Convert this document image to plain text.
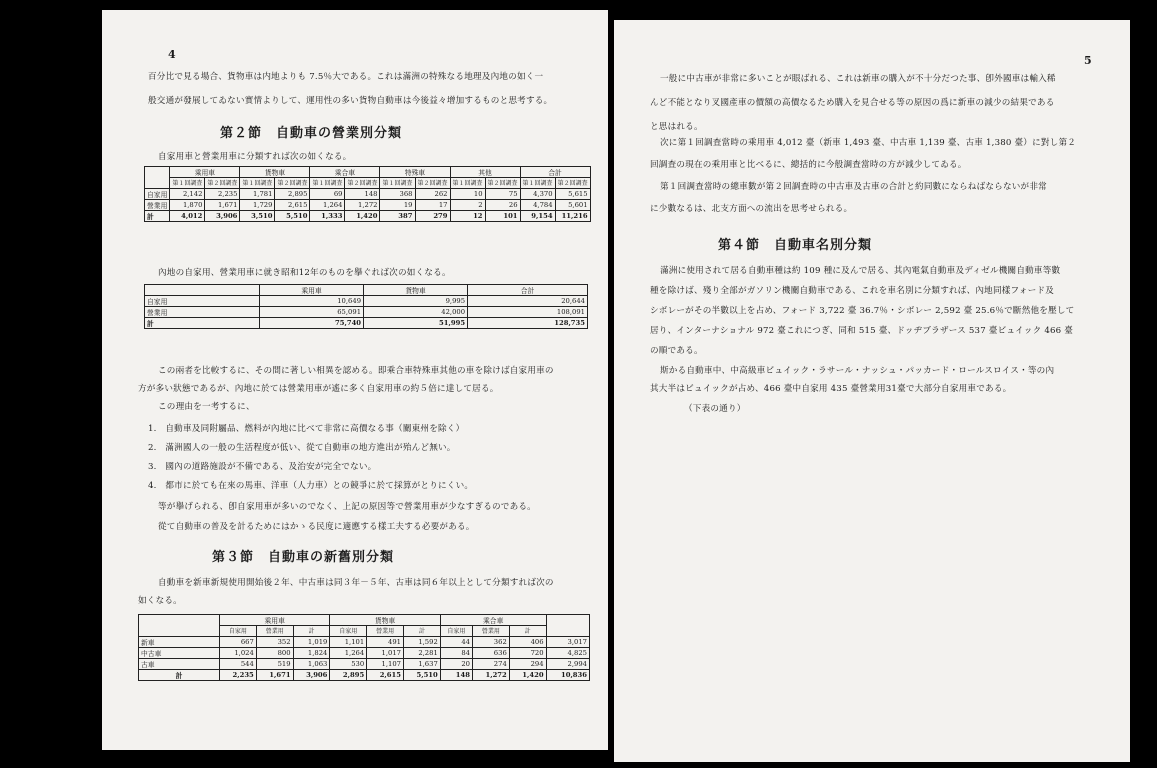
4
百分比で見る場合、貨物車は内地よりも 7.5％大である。これは滿洲の特殊なる地理及內地の如く一
般交通が發展してゐない實情よりして、運用性の多い貨物自動車は今後益々增加するものと思考する。
第２節　自動車の營業別分類
自家用車と營業用車に分類すれば次の如くなる。
	乘用車		貨物車		乘合車		特殊車		其他		合計	
	第１回調査	第２回調査	第１回調査	第２回調査	第１回調査	第２回調査	第１回調査	第２回調査	第１回調査	第２回調査	第１回調査	第２回調査
自家用	2,142	2,235	1,781	2,895	69	148	368	262	10	75	4,370	5,615
營業用	1,870	1,671	1,729	2,615	1,264	1,272	19	17	2	26	4,784	5,601
計	4,012	3,906	3,510	5,510	1,333	1,420	387	279	12	101	9,154	11,216
內地の自家用、營業用車に就き昭和12年のものを擧ぐれば次の如くなる。
	乘用車	貨物車	合計
自家用	10,649	9,995	20,644
營業用	65,091	42,000	108,091
計	75,740	51,995	128,735
この兩者を比較するに、その間に著しい相異を認める。即乘合車特殊車其他の車を除けば自家用車の
方が多い狀態であるが、內地に於ては營業用車が遙に多く自家用車の約５倍に達して居る。
この理由を一考するに、
1.　自動車及同附屬品、燃料が內地に比べて非常に高價なる事（關東州を除く）
2.　滿洲國人の一般の生活程度が低い、從て自動車の地方進出が殆んど無い。
3.　國內の道路施設が不備である、及治安が完全でない。
4.　都市に於ても在來の馬車、洋車（人力車）との競爭に於て採算がとりにくい。
等が擧げられる、卽自家用車が多いのでなく、上記の原因等で營業用車が少なすぎるのである。
從て自動車の普及を計るためにはかゝる民度に適應する樣工夫する必要がある。
第３節　自動車の新舊別分類
自動車を新車新規使用開始後２年、中古車は同３年－５年、古車は同６年以上として分類すれば次の
如くなる。
	乘用車			貨物車			乘合車			
	自家用	營業用	計	自家用	營業用	計	自家用	營業用	計	
新車	667	352	1,019	1,101	491	1,592	44	362	406	3,017
中古車	1,024	800	1,824	1,264	1,017	2,281	84	636	720	4,825
古車	544	519	1,063	530	1,107	1,637	20	274	294	2,994
計	2,235	1,671	3,906	2,895	2,615	5,510	148	1,272	1,420	10,836
5
一般に中古車が非常に多いことが眼ばれる、これは新車の購入が不十分だつた事、卽外國車は輸入稀
んど不能となり叉國產車の價額の高價なるため購入を見合せる等の原因の爲に新車の減少の結果である
と思はれる。
次に第１回調査當時の乘用車 4,012 臺（新車 1,493 臺、中古車 1,139 臺、古車 1,380 臺）に對し第２
回調査の現在の乘用車と比べるに、總括的に今般調査當時の方が減少してゐる。
第１回調査當時の總車數が第２回調査時の中古車及古車の合計と約同數にならねばならないが非常
に少數なるは、北支方面への流出を思考せられる。
第４節　自動車名別分類
滿洲に使用されて居る自動車種は約 109 種に及んで居る、其內電氣自動車及ディゼル機關自動車等數
種を除けば、殘り全部がガソリン機關自動車である、これを車名別に分類すれば、內地同樣フォード及
シボレーがその半數以上を占め、フォード 3,722 臺 36.7％・シボレー 2,592 臺 25.6％で斷然他を壓して
居り、インターナショナル 972 臺これにつぎ、同和 515 臺、ドッヂブラザース 537 臺ビュイック 466 臺
の順である。
斯かる自動車中、中高級車ビュイック・ラサール・ナッシュ・パッカード・ロールスロイス・等の內
其大半はビュイックが占め、466 臺中自家用 435 臺營業用31臺で大部分自家用車である。
（下表の通り）
